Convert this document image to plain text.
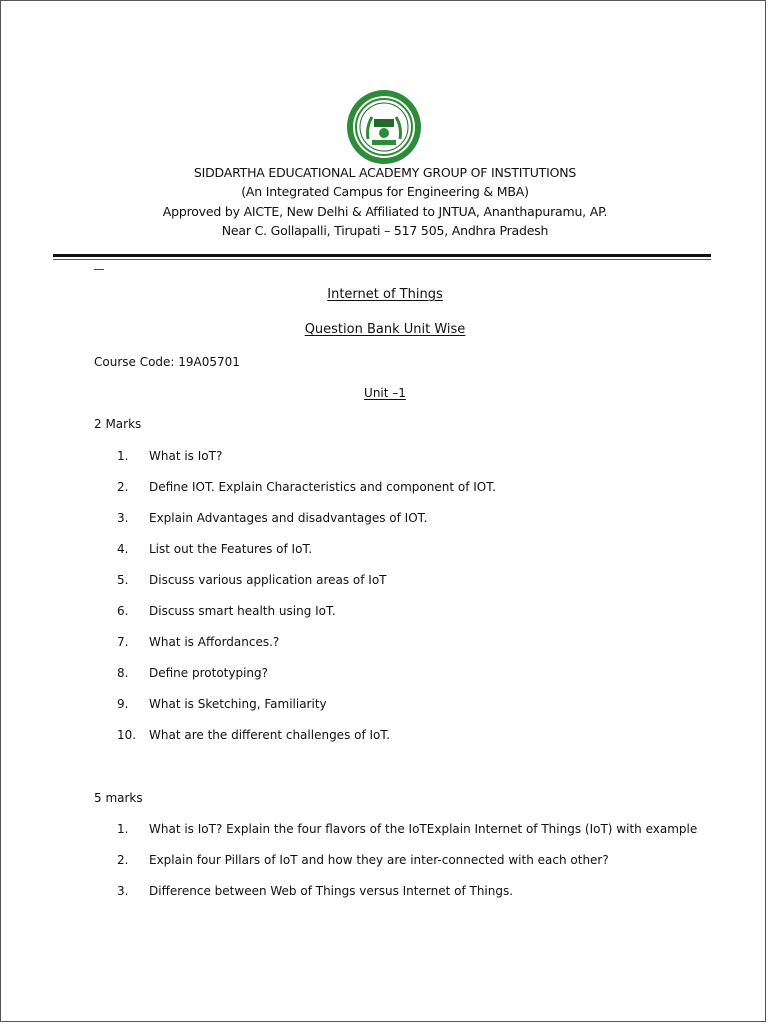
SIDDARTHA EDUCATIONAL ACADEMY GROUP OF INSTITUTIONS
(An Integrated Campus for Engineering & MBA)
Approved by AICTE, New Delhi & Affiliated to JNTUA, Ananthapuramu, AP.
Near C. Gollapalli, Tirupati – 517 505, Andhra Pradesh
Internet of Things
Question Bank Unit Wise
Course Code: 19A05701
Unit –1
2 Marks
1. What is IoT?
2. Define IOT. Explain Characteristics and component of IOT.
3. Explain Advantages and disadvantages of IOT.
4. List out the Features of IoT.
5. Discuss various application areas of IoT
6. Discuss smart health using IoT.
7. What is Affordances.?
8. Define prototyping?
9. What is Sketching, Familiarity
10. What are the different challenges of IoT.
5 marks
1. What is IoT? Explain the four flavors of the IoTExplain Internet of Things (IoT) with example
2. Explain four Pillars of IoT and how they are inter-connected with each other?
3. Difference between Web of Things versus Internet of Things.
